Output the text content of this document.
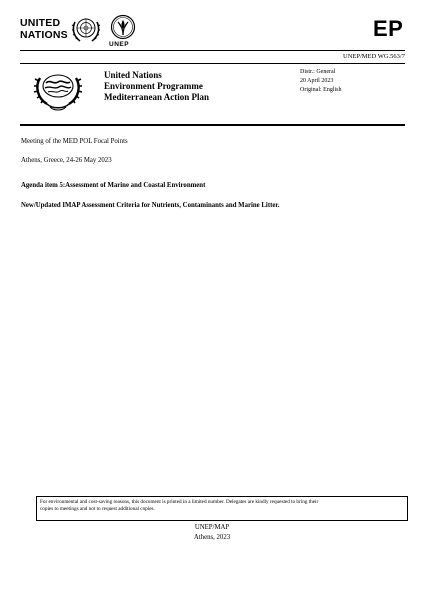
UNITED
NATIONS
UNEP
EP
UNEP/MED WG.563/7
United Nations
Environment Programme
Mediterranean Action Plan
Distr.: General
20 April 2023
Original: English
Meeting of the MED POL Focal Points
Athens, Greece, 24-26 May 2023
Agenda item 5:Assessment of Marine and Coastal Environment
New/Updated IMAP Assessment Criteria for Nutrients, Contaminants and Marine Litter.
For environmental and cost-saving reasons, this document is printed in a limited number. Delegates are kindly requested to bring their
copies to meetings and not to request additional copies.
UNEP/MAP
Athens, 2023
